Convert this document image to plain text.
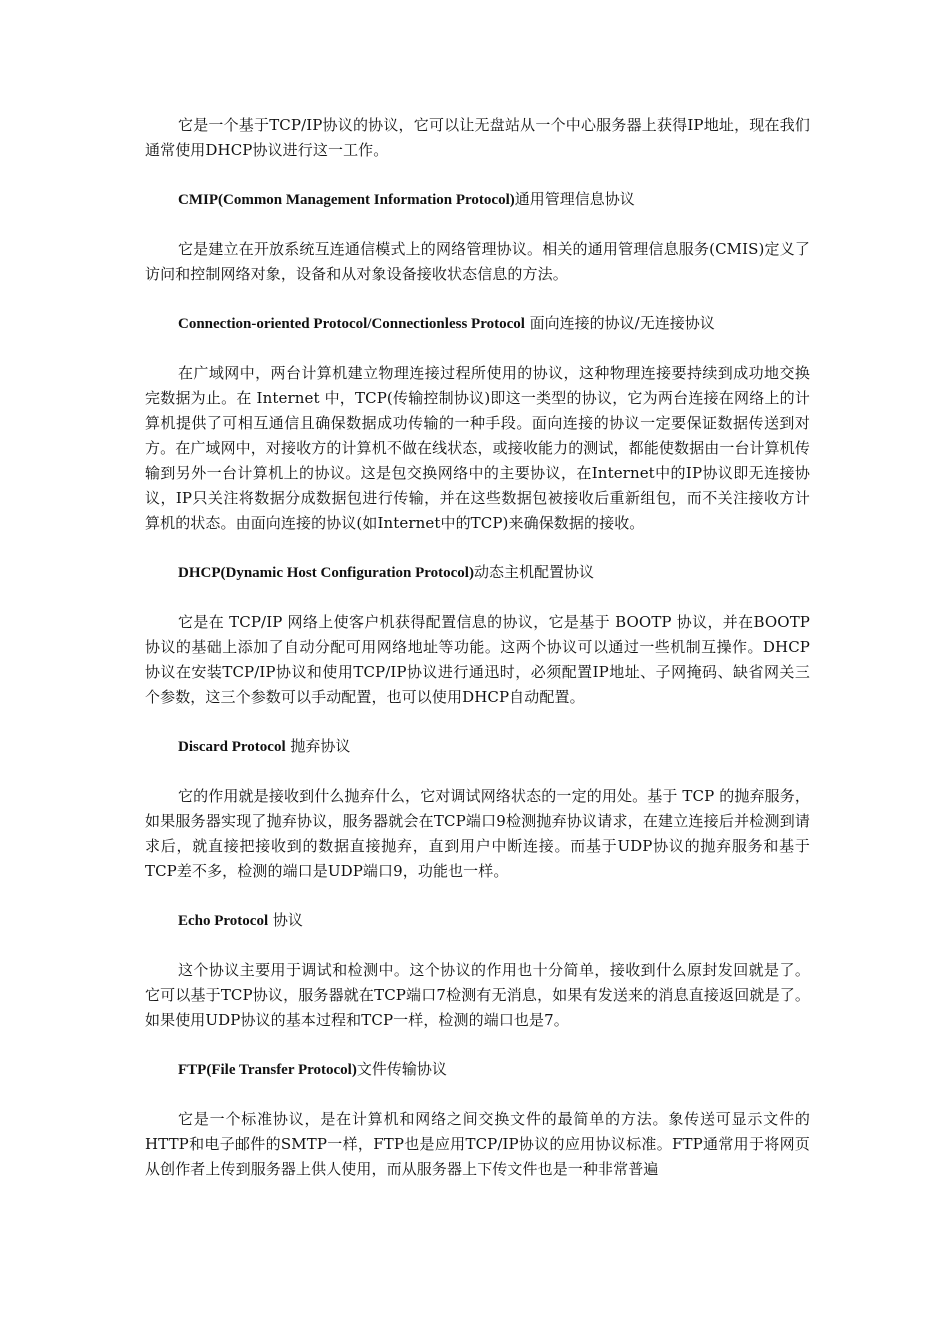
它是一个基于TCP/IP协议的协议，它可以让无盘站从一个中心服务器上获得IP地址，现在我们通常使用DHCP协议进行这一工作。

CMIP(Common Management Information Protocol)通用管理信息协议

它是建立在开放系统互连通信模式上的网络管理协议。相关的通用管理信息服务(CMIS)定义了访问和控制网络对象，设备和从对象设备接收状态信息的方法。

Connection-oriented Protocol/Connectionless Protocol 面向连接的协议/无连接协议

在广域网中，两台计算机建立物理连接过程所使用的协议，这种物理连接要持续到成功地交换完数据为止。在 Internet 中，TCP(传输控制协议)即这一类型的协议，它为两台连接在网络上的计算机提供了可相互通信且确保数据成功传输的一种手段。面向连接的协议一定要保证数据传送到对方。在广域网中，对接收方的计算机不做在线状态，或接收能力的测试，都能使数据由一台计算机传输到另外一台计算机上的协议。这是包交换网络中的主要协议，在Internet中的IP协议即无连接协议，IP只关注将数据分成数据包进行传输，并在这些数据包被接收后重新组包，而不关注接收方计算机的状态。由面向连接的协议(如Internet中的TCP)来确保数据的接收。

DHCP(Dynamic Host Configuration Protocol)动态主机配置协议

它是在 TCP/IP 网络上使客户机获得配置信息的协议，它是基于 BOOTP 协议，并在BOOTP协议的基础上添加了自动分配可用网络地址等功能。这两个协议可以通过一些机制互操作。DHCP协议在安装TCP/IP协议和使用TCP/IP协议进行通迅时，必须配置IP地址、子网掩码、缺省网关三个参数，这三个参数可以手动配置，也可以使用DHCP自动配置。

Discard Protocol 抛弃协议

它的作用就是接收到什么抛弃什么，它对调试网络状态的一定的用处。基于 TCP 的抛弃服务，如果服务器实现了抛弃协议，服务器就会在TCP端口9检测抛弃协议请求，在建立连接后并检测到请求后，就直接把接收到的数据直接抛弃，直到用户中断连接。而基于UDP协议的抛弃服务和基于TCP差不多，检测的端口是UDP端口9，功能也一样。

Echo Protocol 协议

这个协议主要用于调试和检测中。这个协议的作用也十分简单，接收到什么原封发回就是了。它可以基于TCP协议，服务器就在TCP端口7检测有无消息，如果有发送来的消息直接返回就是了。如果使用UDP协议的基本过程和TCP一样，检测的端口也是7。

FTP(File Transfer Protocol)文件传输协议

它是一个标准协议，是在计算机和网络之间交换文件的最简单的方法。象传送可显示文件的HTTP和电子邮件的SMTP一样，FTP也是应用TCP/IP协议的应用协议标准。FTP通常用于将网页从创作者上传到服务器上供人使用，而从服务器上下传文件也是一种非常普遍
